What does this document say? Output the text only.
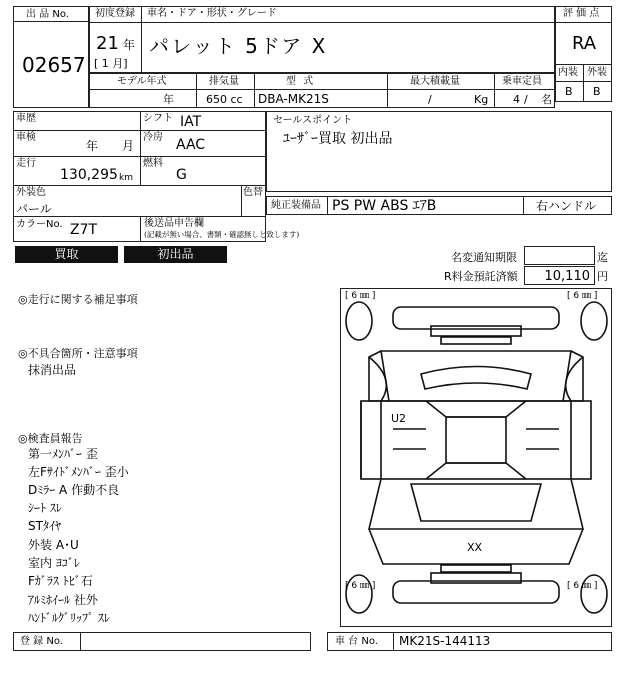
出 品 No.
02657
初度登録 車名・ドア・形状・グレード
21 年
[ 1 月]
パレット 5ドア X
評 価 点
RA
内装 外装
B B
モデル年式
年
排気量
650 cc
型 式
DBA-MK21S
最大積載量
/	Kg
乗車定員
4 / 名
車歴	シフト IAT
車検
年 月
冷房 AAC
走行
130,295 km
燃料
G
外装色
パール
色替
カラーNo. Z7T	後送品申告欄
(記載が無い場合、書類・確認無しと致します)
セールスポイント
ﾕｰｻﾞｰ買取 初出品
純正装備品 PS PW ABS ｴｱB	右ハンドル
買取	初出品	名変通知期限	迄
R料金預託済額 10,110 円
◎走行に関する補足事項
◎不具合箇所・注意事項
抹消出品
◎検査員報告
第一ﾒﾝﾊﾞｰ 歪
左Fｻｲﾄﾞﾒﾝﾊﾞｰ 歪小
Dﾐﾗｰ A 作動不良
ｼｰﾄ ｽﾚ
STﾀｲﾔ
外装 A･U
室内 ﾖｺﾞﾚ
Fｶﾞﾗｽ ﾄﾋﾞ石
ｱﾙﾐﾎｲｰﾙ 社外
ﾊﾝﾄﾞﾙｸﾞﾘｯﾌﾟ ｽﾚ
[ 6 ㎜ ]	[ 6 ㎜ ]
[ 6 ㎜ ]	[ 6 ㎜ ]
U2
XX
登 録 No.	車 台 No. MK21S-144113
